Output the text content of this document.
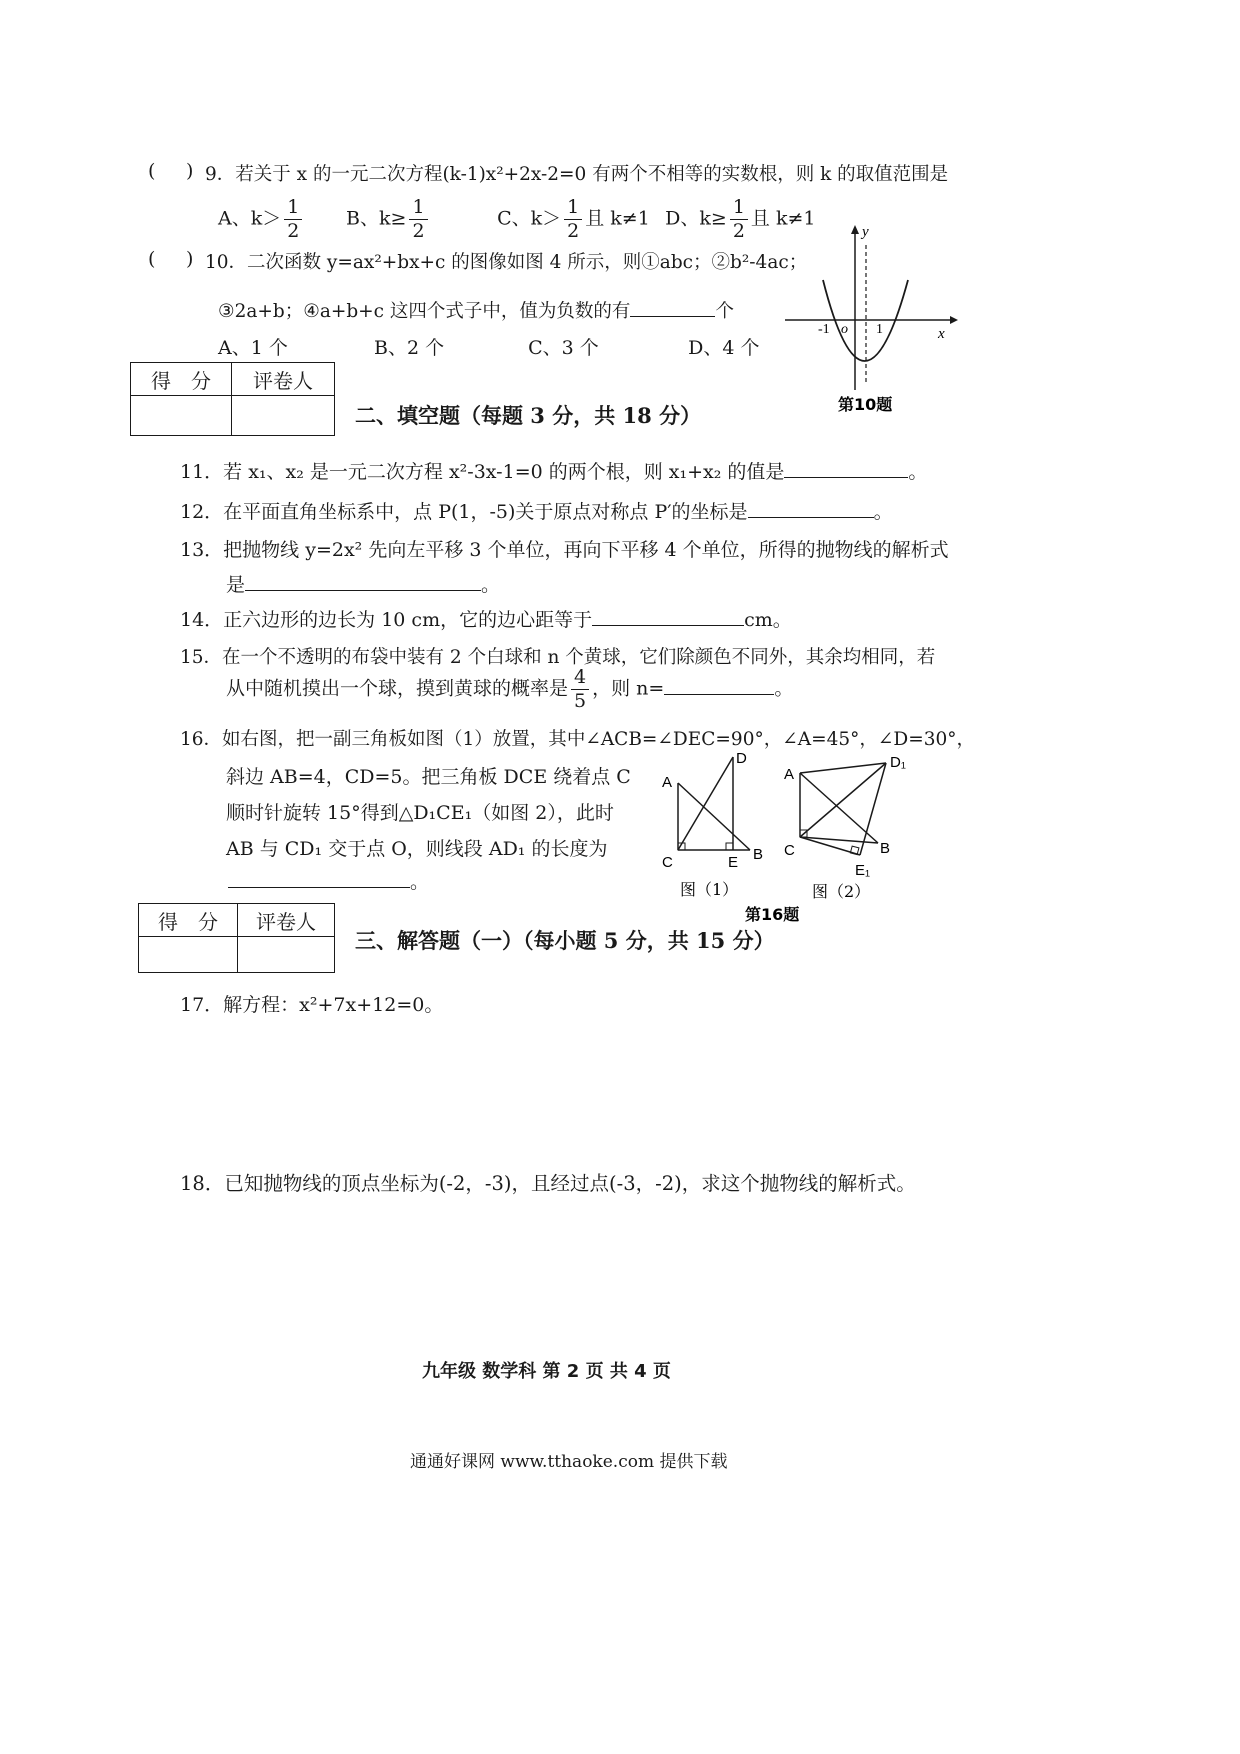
( ) 9．若关于 x 的一元二次方程(k-1)x²+2x-2=0 有两个不相等的实数根，则 k 的取值范围是
A、$k> \frac{1}{2}$ B、$k\ge \frac{1}{2}$	C、$k> \frac{1}{2}$ 且 k≠1 D、$k\ge \frac{1}{2}$ 且 k≠1
( ) 10．二次函数 y=ax²+bx+c 的图像如图 4 所示，则①abc；②b²-4ac；
③2a+b；④a+b+c 这四个式子中，值为负数的有	个
A、1 个	B、2 个	C、3 个	D、4 个
y
x
o
-1	1
第10题
得　分	评卷人

二、填空题（每题 3 分，共 18 分）
11．若 x₁、x₂ 是一元二次方程 x²-3x-1=0 的两个根，则 x₁+x₂ 的值是	。
12．在平面直角坐标系中，点 P(1，-5)关于原点对称点 P′的坐标是	。
13．把抛物线 y=2x² 先向左平移 3 个单位，再向下平移 4 个单位，所得的抛物线的解析式
是	。
14．正六边形的边长为 10 cm，它的边心距等于	cm。
15．在一个不透明的布袋中装有 2 个白球和 n 个黄球，它们除颜色不同外，其余均相同，若
从中随机摸出一个球，摸到黄球的概率是 $\frac{4}{5}$ ，则 n=	。
16．如右图，把一副三角板如图（1）放置，其中∠ACB=∠DEC=90°，∠A=45°，∠D=30°，
斜边 AB=4，CD=5。把三角板 DCE 绕着点 C
顺时针旋转 15°得到△D₁CE₁（如图 2），此时
AB 与 CD₁ 交于点 O，则线段 AD₁ 的长度为
。
A
D
C	E B
图（1）
A
D₁
C	B
E₁
图（2）
第16题
得　分	评卷人

三、解答题（一）（每小题 5 分，共 15 分）
17．解方程：x²+7x+12=0。
18．已知抛物线的顶点坐标为(-2，-3)，且经过点(-3，-2)，求这个抛物线的解析式。
九年级 数学科 第 2 页 共 4 页
通通好课网 www.tthaoke.com 提供下载
